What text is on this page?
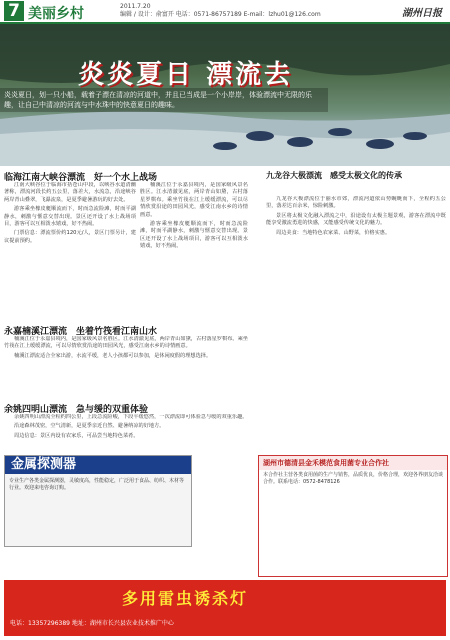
7 美丽乡村	2011.7.20
编辑 / 设计：俞富开 电话：0571-86757189 E-mail：lzhu01@126.com	湖州日报
炎炎夏日 漂流去
炎炎夏日，划一只小船，载着子漂在清凉的河道中，并且已当成是一个小岸岸，体验漂流中无限的乐趣，让自己中清凉的河流与中水珠中的快意夏日的趣味。
临海江南大峡谷漂流　好一个水上战场

江南大峡谷位于临海市括苍山中段，以峡谷水道清幽著称，漂流河段长约五公里，落差大，水流急，沿途峡谷两岸青山叠翠，飞瀑流泉，是夏季避暑游玩的好去处。

游客乘坐橡皮艇顺流而下，时而急流险滩，时而平湖静水，刺激与惬意交替出现。景区还开设了水上战场项目，游客可以互相泼水嬉戏，好不热闹。

门票信息：漂流票价约120元/人，景区门票另计，建议提前预约。

永嘉楠溪江漂流　坐着竹筏看江南山水

楠溪江位于永嘉县境内，是国家级风景名胜区。江水清澈见底，两岸青山如黛，古村落星罗棋布。乘坐竹筏在江上缓缓漂流，可以尽情欣赏沿途的田园风光，感受江南水乡的诗情画意。

楠溪江漂流适合全家出游，水流平缓，老人小孩都可以参加，是休闲度假的理想选择。

余姚四明山漂流　急与缓的双重体验

余姚四明山漂流全程约四公里，上段急流险峻，下段平缓悠然，一次漂流即可体验急与缓的双重乐趣。

沿途森林茂密，空气清新，是夏季亲近自然、避暑纳凉的好地方。

周边信息：景区内设有农家乐，可品尝当地特色菜肴。

楠溪江位于永嘉县境内，是国家级风景名胜区。江水清澈见底，两岸青山如黛，古村落星罗棋布。乘坐竹筏在江上缓缓漂流，可以尽情欣赏沿途的田园风光，感受江南水乡的诗情画意。

游客乘坐橡皮艇顺流而下，时而急流险滩，时而平湖静水，刺激与惬意交替出现。景区还开设了水上战场项目，游客可以互相泼水嬉戏，好不热闹。

九龙谷大极漂流　感受太极文化的传承

九龙谷大极漂流位于丽水市郊，漂流河道依山势蜿蜒而下，全程约五公里，落差达百余米，惊险刺激。

景区将太极文化融入漂流之中，沿途设有太极主题景观，游客在漂流中既能享受激流勇进的快感，又能感受传统文化的魅力。

周边美食：当地特色农家菜、山野菜，价格实惠。

金属探测器
专业生产各类金属探测器，灵敏度高，性能稳定，广泛用于食品、纺织、木材等行业。欢迎来电咨询订购。
湖州市德清县金禾模范食用菌专业合作社
本合作社主营各类食用菌的生产与销售，品质优良，价格合理，欢迎各界朋友洽谈合作。联系电话：0572-8478126
多用雷虫诱杀灯
电话：13357296389 地址：湖州市长兴县农业技术推广中心
